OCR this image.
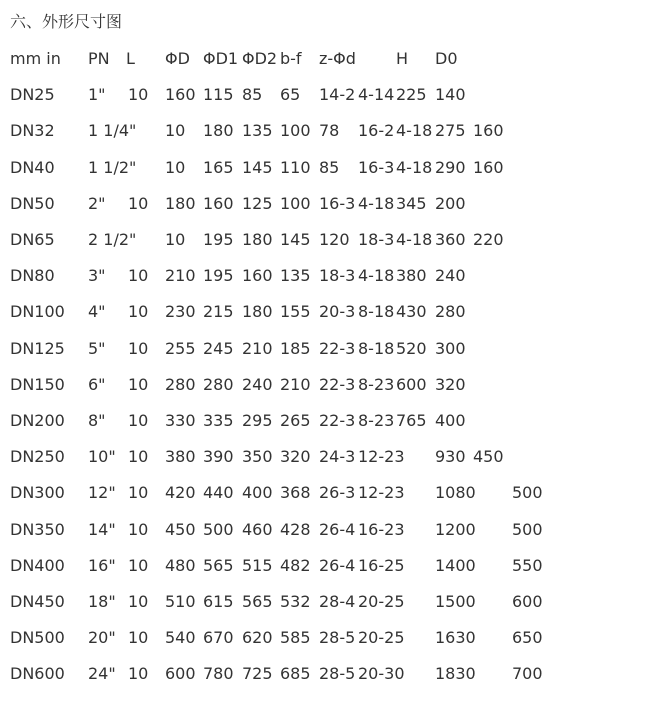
六、外形尺寸图
mm in PN L ΦD ΦD1 ΦD2 b-f z-Φd	H D0
DN25 1" 10 160 115 85 65 14-2 4-14 225 140
DN32 1 1/4" 10 180 135 100 78 16-2 4-18 275 160
DN40 1 1/2" 10 165 145 110 85 16-3 4-18 290 160
DN50 2" 10 180 160 125 100 16-3 4-18 345 200
DN65 2 1/2" 10 195 180 145 120 18-3 4-18 360 220
DN80 3" 10 210 195 160 135 18-3 4-18 380 240
DN100 4" 10 230 215 180 155 20-3 8-18 430 280
DN125 5" 10 255 245 210 185 22-3 8-18 520 300
DN150 6" 10 280 280 240 210 22-3 8-23 600 320
DN200 8" 10 330 335 295 265 22-3 8-23 765 400
DN250 10" 10 380 390 350 320 24-3 12-23 930 450
DN300 12" 10 420 440 400 368 26-3 12-23 1080 500
DN350 14" 10 450 500 460 428 26-4 16-23 1200 500
DN400 16" 10 480 565 515 482 26-4 16-25 1400 550
DN450 18" 10 510 615 565 532 28-4 20-25 1500 600
DN500 20" 10 540 670 620 585 28-5 20-25 1630 650
DN600 24" 10 600 780 725 685 28-5 20-30 1830 700
